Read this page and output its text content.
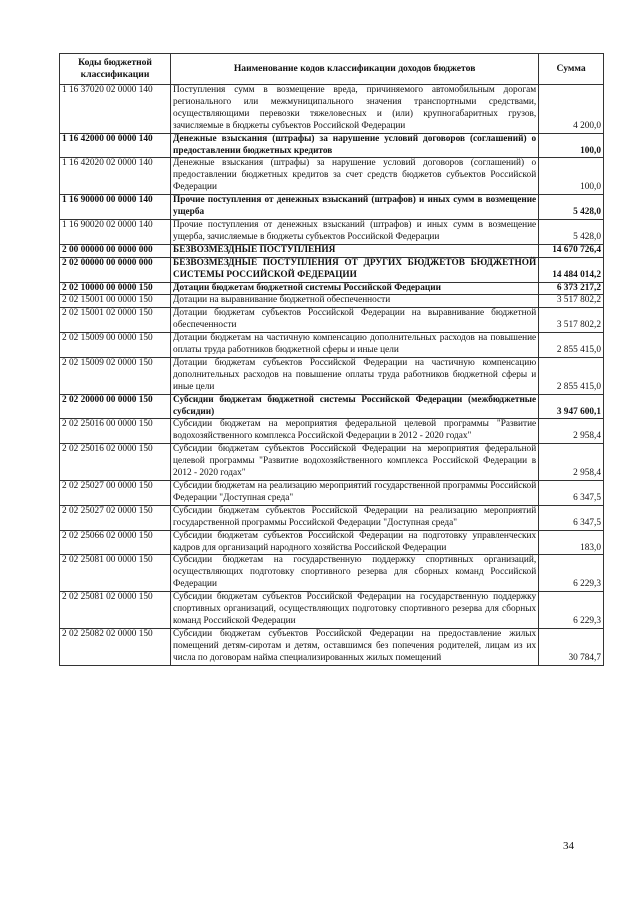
Коды бюджетной классификации	Наименование кодов классификации доходов бюджетов	Сумма
1 16 37020 02 0000 140	Поступления сумм в возмещение вреда, причиняемого автомобильным дорогам регионального или межмуниципального значения транспортными средствами, осуществляющими перевозки тяжеловесных и (или) крупногабаритных грузов, зачисляемые в бюджеты субъектов Российской Федерации	4 200,0
1 16 42000 00 0000 140	Денежные взыскания (штрафы) за нарушение условий договоров (соглашений) о предоставлении бюджетных кредитов	100,0
1 16 42020 02 0000 140	Денежные взыскания (штрафы) за нарушение условий договоров (соглашений) о предоставлении бюджетных кредитов за счет средств бюджетов субъектов Российской Федерации	100,0
1 16 90000 00 0000 140	Прочие поступления от денежных взысканий (штрафов) и иных сумм в возмещение ущерба	5 428,0
1 16 90020 02 0000 140	Прочие поступления от денежных взысканий (штрафов) и иных сумм в возмещение ущерба, зачисляемые в бюджеты субъектов Российской Федерации	5 428,0
2 00 00000 00 0000 000	БЕЗВОЗМЕЗДНЫЕ ПОСТУПЛЕНИЯ	14 670 726,4
2 02 00000 00 0000 000	БЕЗВОЗМЕЗДНЫЕ ПОСТУПЛЕНИЯ ОТ ДРУГИХ БЮДЖЕТОВ БЮДЖЕТНОЙ СИСТЕМЫ РОССИЙСКОЙ ФЕДЕРАЦИИ	14 484 014,2
2 02 10000 00 0000 150	Дотации бюджетам бюджетной системы Российской Федерации	6 373 217,2
2 02 15001 00 0000 150	Дотации на выравнивание бюджетной обеспеченности	3 517 802,2
2 02 15001 02 0000 150	Дотации бюджетам субъектов Российской Федерации на выравнивание бюджетной обеспеченности	3 517 802,2
2 02 15009 00 0000 150	Дотации бюджетам на частичную компенсацию дополнительных расходов на повышение оплаты труда работников бюджетной сферы и иные цели	2 855 415,0
2 02 15009 02 0000 150	Дотации бюджетам субъектов Российской Федерации на частичную компенсацию дополнительных расходов на повышение оплаты труда работников бюджетной сферы и иные цели	2 855 415,0
2 02 20000 00 0000 150	Субсидии бюджетам бюджетной системы Российской Федерации (межбюджетные субсидии)	3 947 600,1
2 02 25016 00 0000 150	Субсидии бюджетам на мероприятия федеральной целевой программы "Развитие водохозяйственного комплекса Российской Федерации в 2012 - 2020 годах"	2 958,4
2 02 25016 02 0000 150	Субсидии бюджетам субъектов Российской Федерации на мероприятия федеральной целевой программы "Развитие водохозяйственного комплекса Российской Федерации в 2012 - 2020 годах"	2 958,4
2 02 25027 00 0000 150	Субсидии бюджетам на реализацию мероприятий государственной программы Российской Федерации "Доступная среда"	6 347,5
2 02 25027 02 0000 150	Субсидии бюджетам субъектов Российской Федерации на реализацию мероприятий государственной программы Российской Федерации "Доступная среда"	6 347,5
2 02 25066 02 0000 150	Субсидии бюджетам субъектов Российской Федерации на подготовку управленческих кадров для организаций народного хозяйства Российской Федерации	183,0
2 02 25081 00 0000 150	Субсидии бюджетам на государственную поддержку спортивных организаций, осуществляющих подготовку спортивного резерва для сборных команд Российской Федерации	6 229,3
2 02 25081 02 0000 150	Субсидии бюджетам субъектов Российской Федерации на государственную поддержку спортивных организаций, осуществляющих подготовку спортивного резерва для сборных команд Российской Федерации	6 229,3
2 02 25082 02 0000 150	Субсидии бюджетам субъектов Российской Федерации на предоставление жилых помещений детям-сиротам и детям, оставшимся без попечения родителей, лицам из их числа по договорам найма специализированных жилых помещений	30 784,7
34
